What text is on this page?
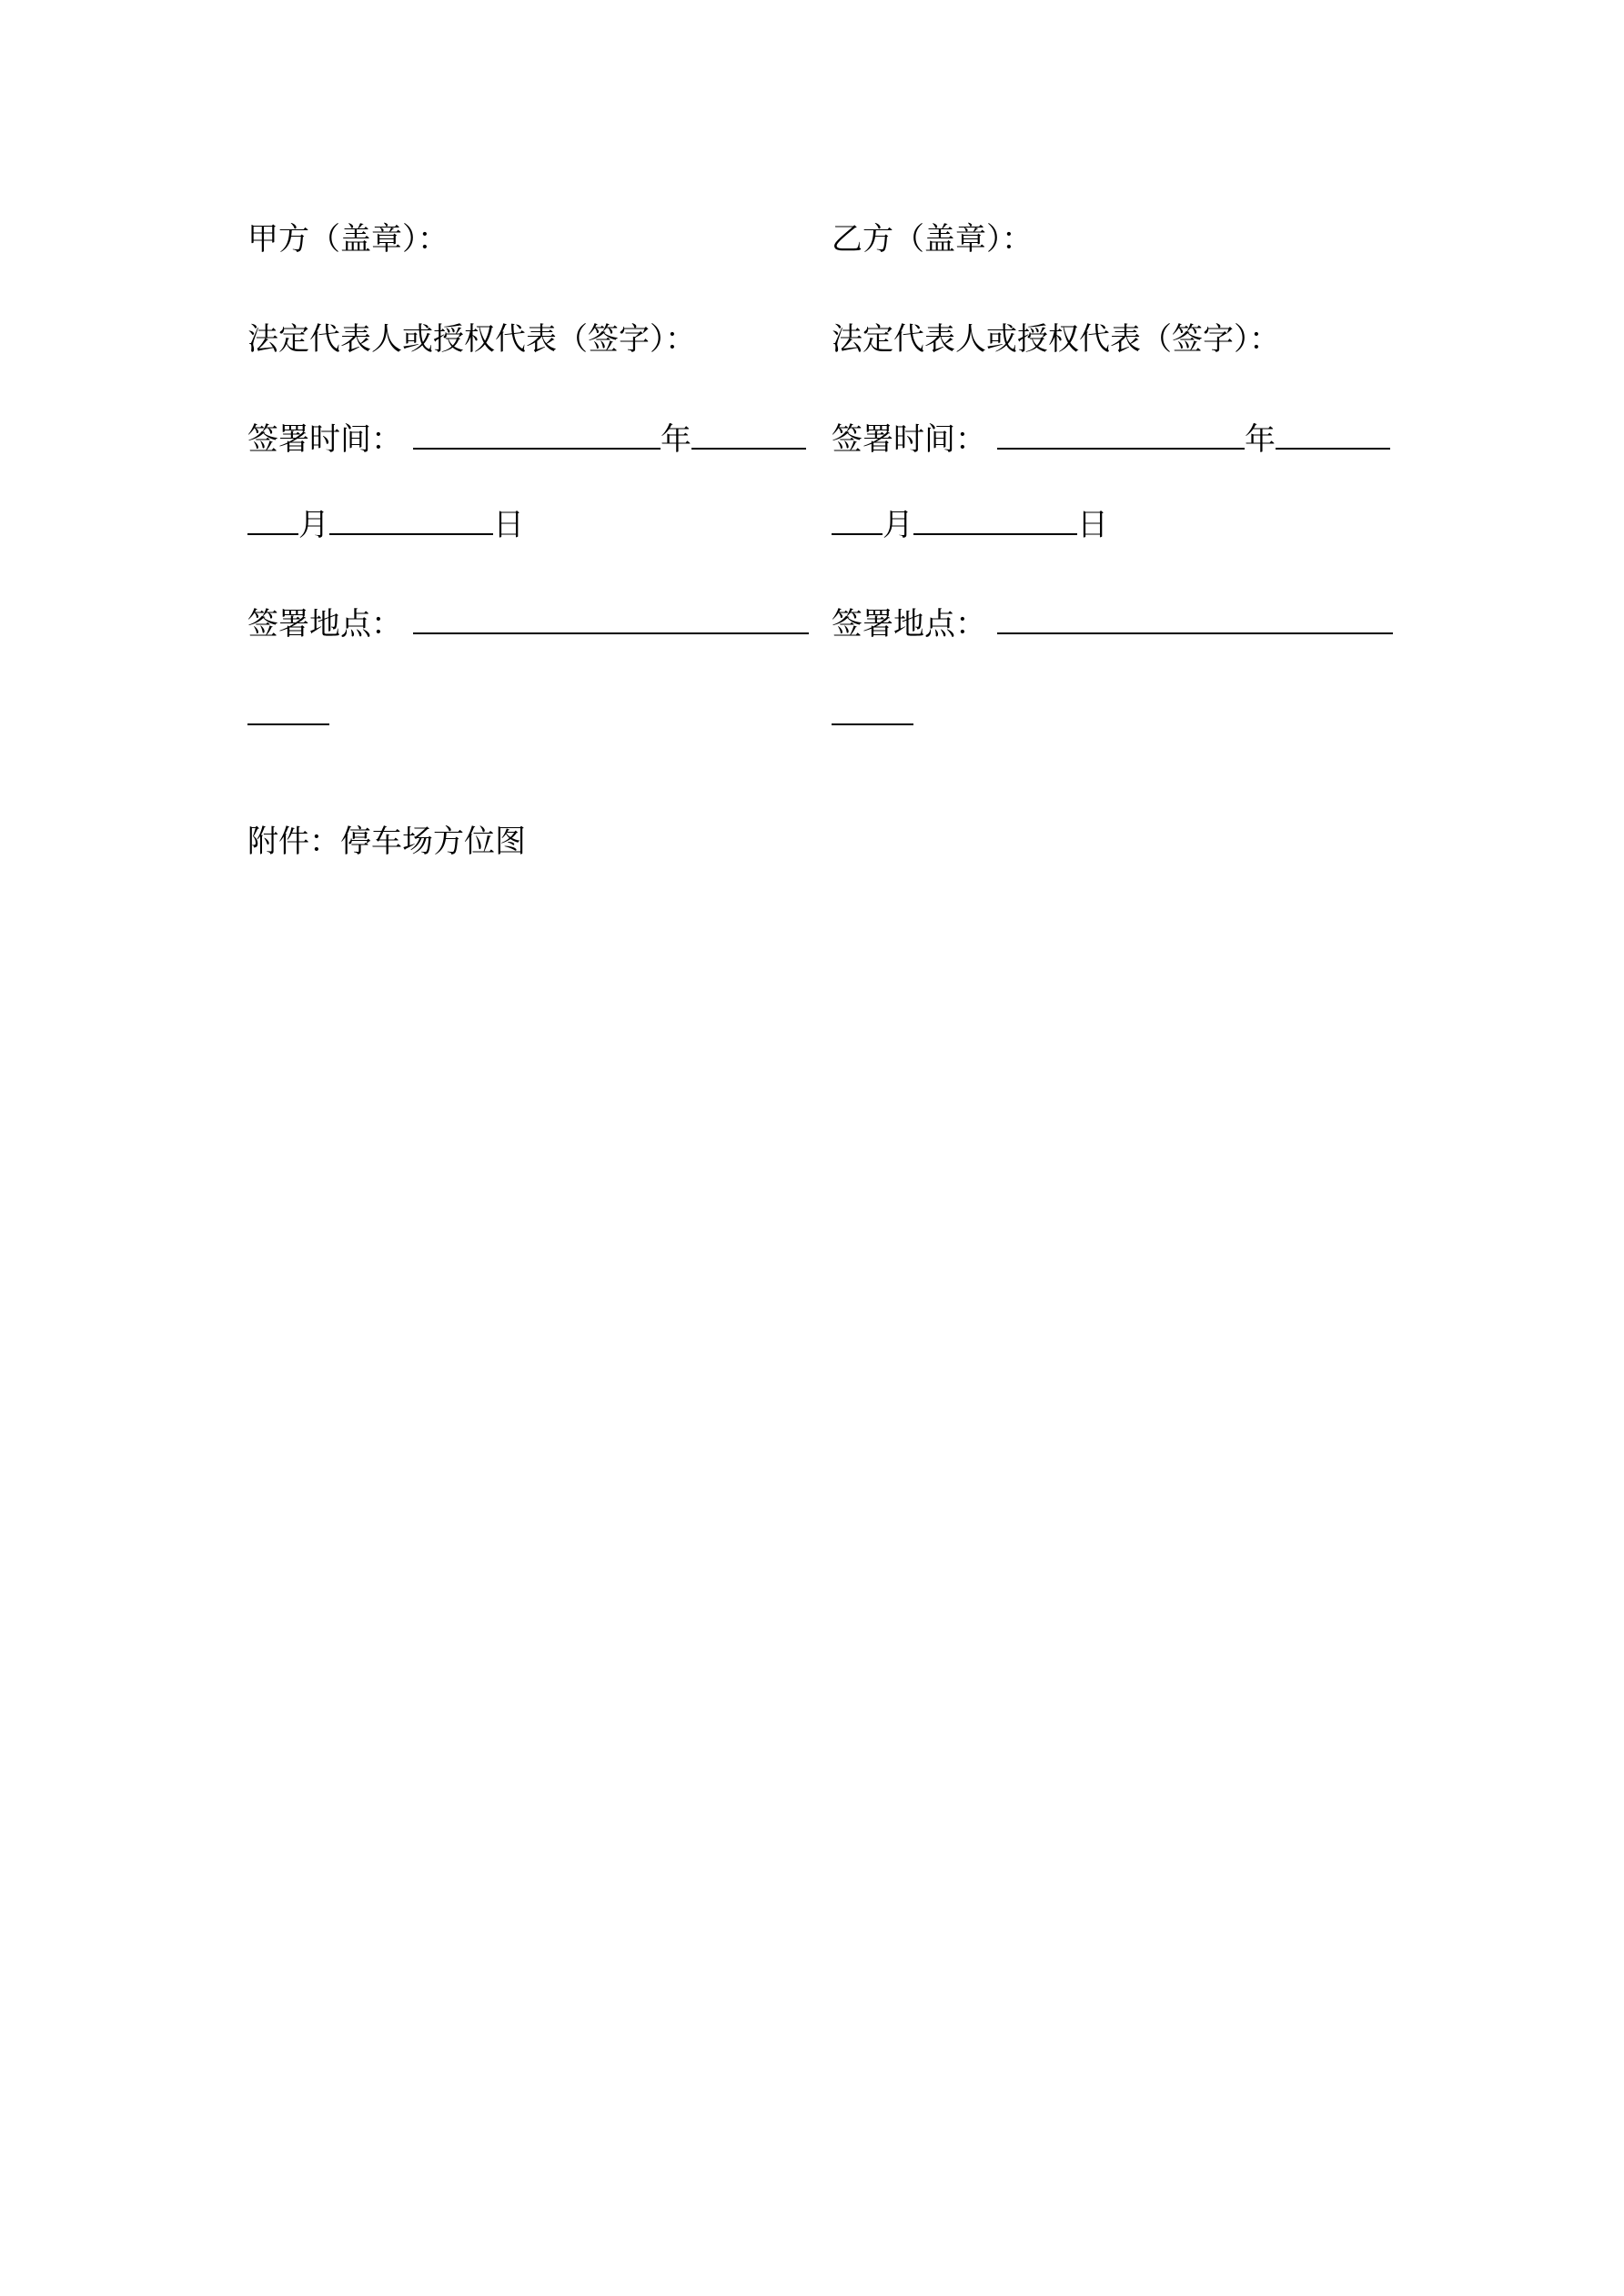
甲方（盖章）：
法定代表人或授权代表（签字）：
签署时间：	年
月	日
签署地点：
乙方（盖章）：
法定代表人或授权代表（签字）：
签署时间：	年
月	日
签署地点：
附件：停车场方位图
